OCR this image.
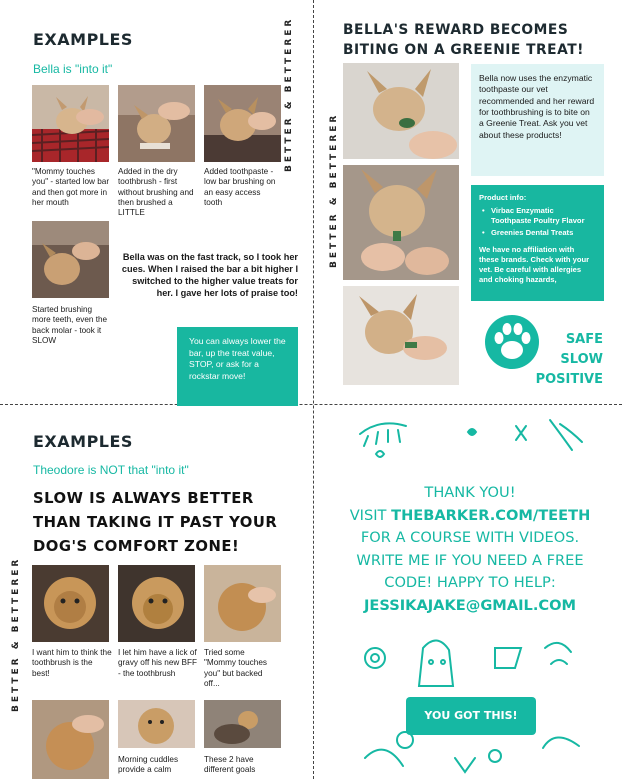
EXAMPLES
Bella is "into it"	BETTER & BETTERER
"Mommy touches you" - started low bar and then got more in her mouth
Added in the dry toothbrush - first without brushing and then brushed a LITTLE
Added toothpaste - low bar brushing on an easy access tooth
Started brushing more teeth, even the back molar - took it SLOW
Bella was on the fast track, so I took her cues. When I raised the bar a bit higher I switched to the higher value treats for her. I gave her lots of praise too!
You can always lower the bar, up the treat value, STOP, or ask for a rockstar move!
BELLA'S REWARD BECOMES BITING ON A GREENIE TREAT!
BETTER & BETTERER
Bella now uses the enzymatic toothpaste our vet recommended and her reward for toothbrushing is to bite on a Greenie Treat. Ask you vet about these products!
Product info:
• Virbac Enzymatic Toothpaste Poultry Flavor
• Greenies Dental Treats
We have no affiliation with these brands. Check with your vet. Be careful with allergies and choking hazards,
SAFE
SLOW
POSITIVE
EXAMPLES
Theodore is NOT that "into it"
SLOW IS ALWAYS BETTER THAN TAKING IT PAST YOUR DOG'S COMFORT ZONE!
BETTER & BETTERER I want him to think the toothbrush is the best!
I let him have a lick of gravy off his new BFF - the toothbrush
Tried some "Mommy touches you" but backed off...
Morning cuddles provide a calm
These 2 have different goals
THANK YOU!
VISIT THEBARKER.COM/TEETH
FOR A COURSE WITH VIDEOS.
WRITE ME IF YOU NEED A FREE
CODE! HAPPY TO HELP:
JESSIKAJAKE@GMAIL.COM
YOU GOT THIS!
